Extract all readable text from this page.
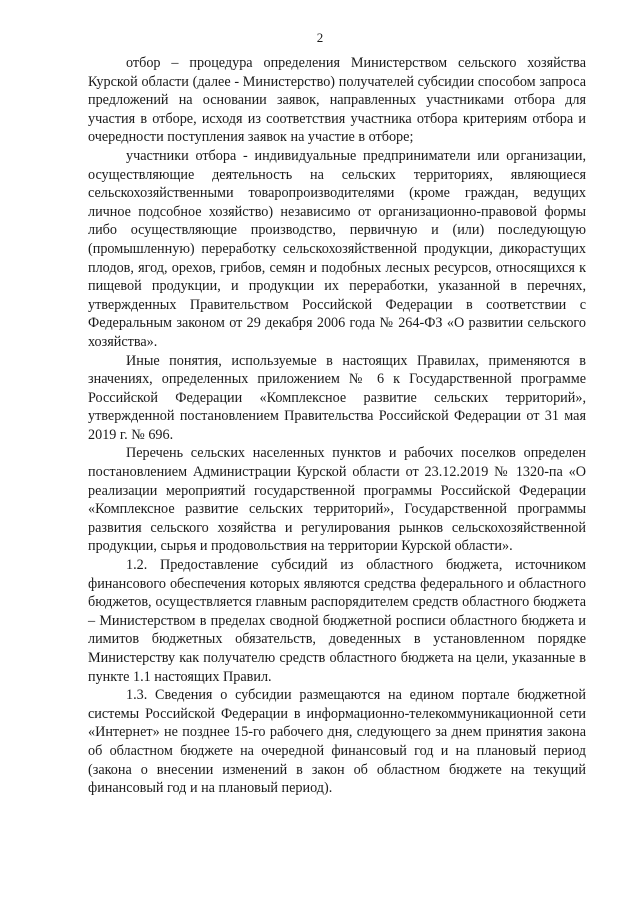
2

отбор – процедура определения Министерством сельского хозяйства Курской области (далее - Министерство) получателей субсидии способом запроса предложений на основании заявок, направленных участниками отбора для участия в отборе, исходя из соответствия участника отбора критериям отбора и очередности поступления заявок на участие в отборе;

участники отбора - индивидуальные предприниматели или организации, осуществляющие деятельность на сельских территориях, являющиеся сельскохозяйственными товаропроизводителями (кроме граждан, ведущих личное подсобное хозяйство) независимо от организационно-правовой формы либо осуществляющие производство, первичную и (или) последующую (промышленную) переработку сельскохозяйственной продукции, дикорастущих плодов, ягод, орехов, грибов, семян и подобных лесных ресурсов, относящихся к пищевой продукции, и продукции их переработки, указанной в перечнях, утвержденных Правительством Российской Федерации в соответствии с Федеральным законом от 29 декабря 2006 года № 264-ФЗ «О развитии сельского хозяйства».

Иные понятия, используемые в настоящих Правилах, применяются в значениях, определенных приложением № 6 к Государственной программе Российской Федерации «Комплексное развитие сельских территорий», утвержденной постановлением Правительства Российской Федерации от 31 мая 2019 г. № 696.

Перечень сельских населенных пунктов и рабочих поселков определен постановлением Администрации Курской области от 23.12.2019 № 1320-па «О реализации мероприятий государственной программы Российской Федерации «Комплексное развитие сельских территорий», Государственной программы развития сельского хозяйства и регулирования рынков сельскохозяйственной продукции, сырья и продовольствия на территории Курской области».

1.2. Предоставление субсидий из областного бюджета, источником финансового обеспечения которых являются средства федерального и областного бюджетов, осуществляется главным распорядителем средств областного бюджета – Министерством в пределах сводной бюджетной росписи областного бюджета и лимитов бюджетных обязательств, доведенных в установленном порядке Министерству как получателю средств областного бюджета на цели, указанные в пункте 1.1 настоящих Правил.

1.3. Сведения о субсидии размещаются на едином портале бюджетной системы Российской Федерации в информационно-телекоммуникационной сети «Интернет» не позднее 15-го рабочего дня, следующего за днем принятия закона об областном бюджете на очередной финансовый год и на плановый период (закона о внесении изменений в закон об областном бюджете на текущий финансовый год и на плановый период).
